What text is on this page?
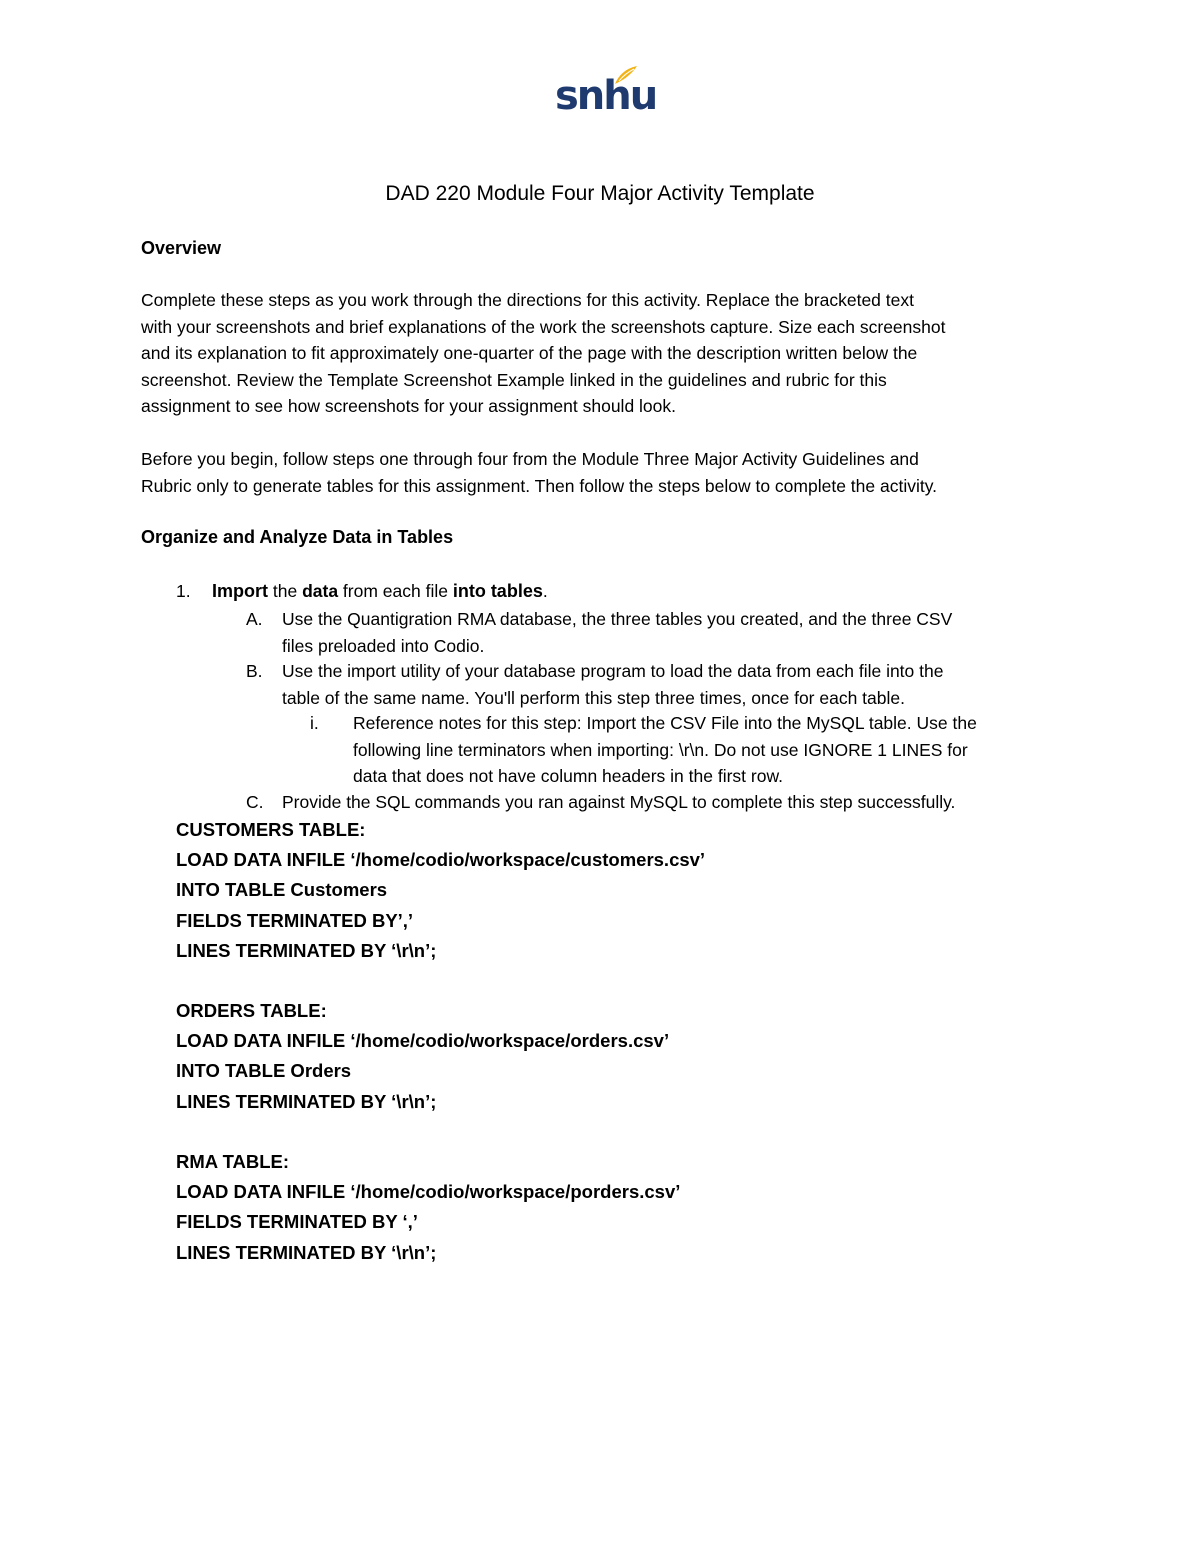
snhu
DAD 220 Module Four Major Activity Template
Overview
Complete these steps as you work through the directions for this activity. Replace the bracketed text
with your screenshots and brief explanations of the work the screenshots capture. Size each screenshot
and its explanation to fit approximately one-quarter of the page with the description written below the
screenshot. Review the Template Screenshot Example linked in the guidelines and rubric for this
assignment to see how screenshots for your assignment should look.
Before you begin, follow steps one through four from the Module Three Major Activity Guidelines and
Rubric only to generate tables for this assignment. Then follow the steps below to complete the activity.
Organize and Analyze Data in Tables
1. Import the data from each file into tables.
A. Use the Quantigration RMA database, the three tables you created, and the three CSV
files preloaded into Codio.
B. Use the import utility of your database program to load the data from each file into the
table of the same name. You'll perform this step three times, once for each table.
i. Reference notes for this step: Import the CSV File into the MySQL table. Use the
following line terminators when importing: \r\n. Do not use IGNORE 1 LINES for
data that does not have column headers in the first row.
C. Provide the SQL commands you ran against MySQL to complete this step successfully.
CUSTOMERS TABLE:
LOAD DATA INFILE ‘/home/codio/workspace/customers.csv’
INTO TABLE Customers
FIELDS TERMINATED BY’,’
LINES TERMINATED BY ‘\r\n’;
ORDERS TABLE:
LOAD DATA INFILE ‘/home/codio/workspace/orders.csv’
INTO TABLE Orders
LINES TERMINATED BY ‘\r\n’;
RMA TABLE:
LOAD DATA INFILE ‘/home/codio/workspace/porders.csv’
FIELDS TERMINATED BY ‘,’
LINES TERMINATED BY ‘\r\n’;
